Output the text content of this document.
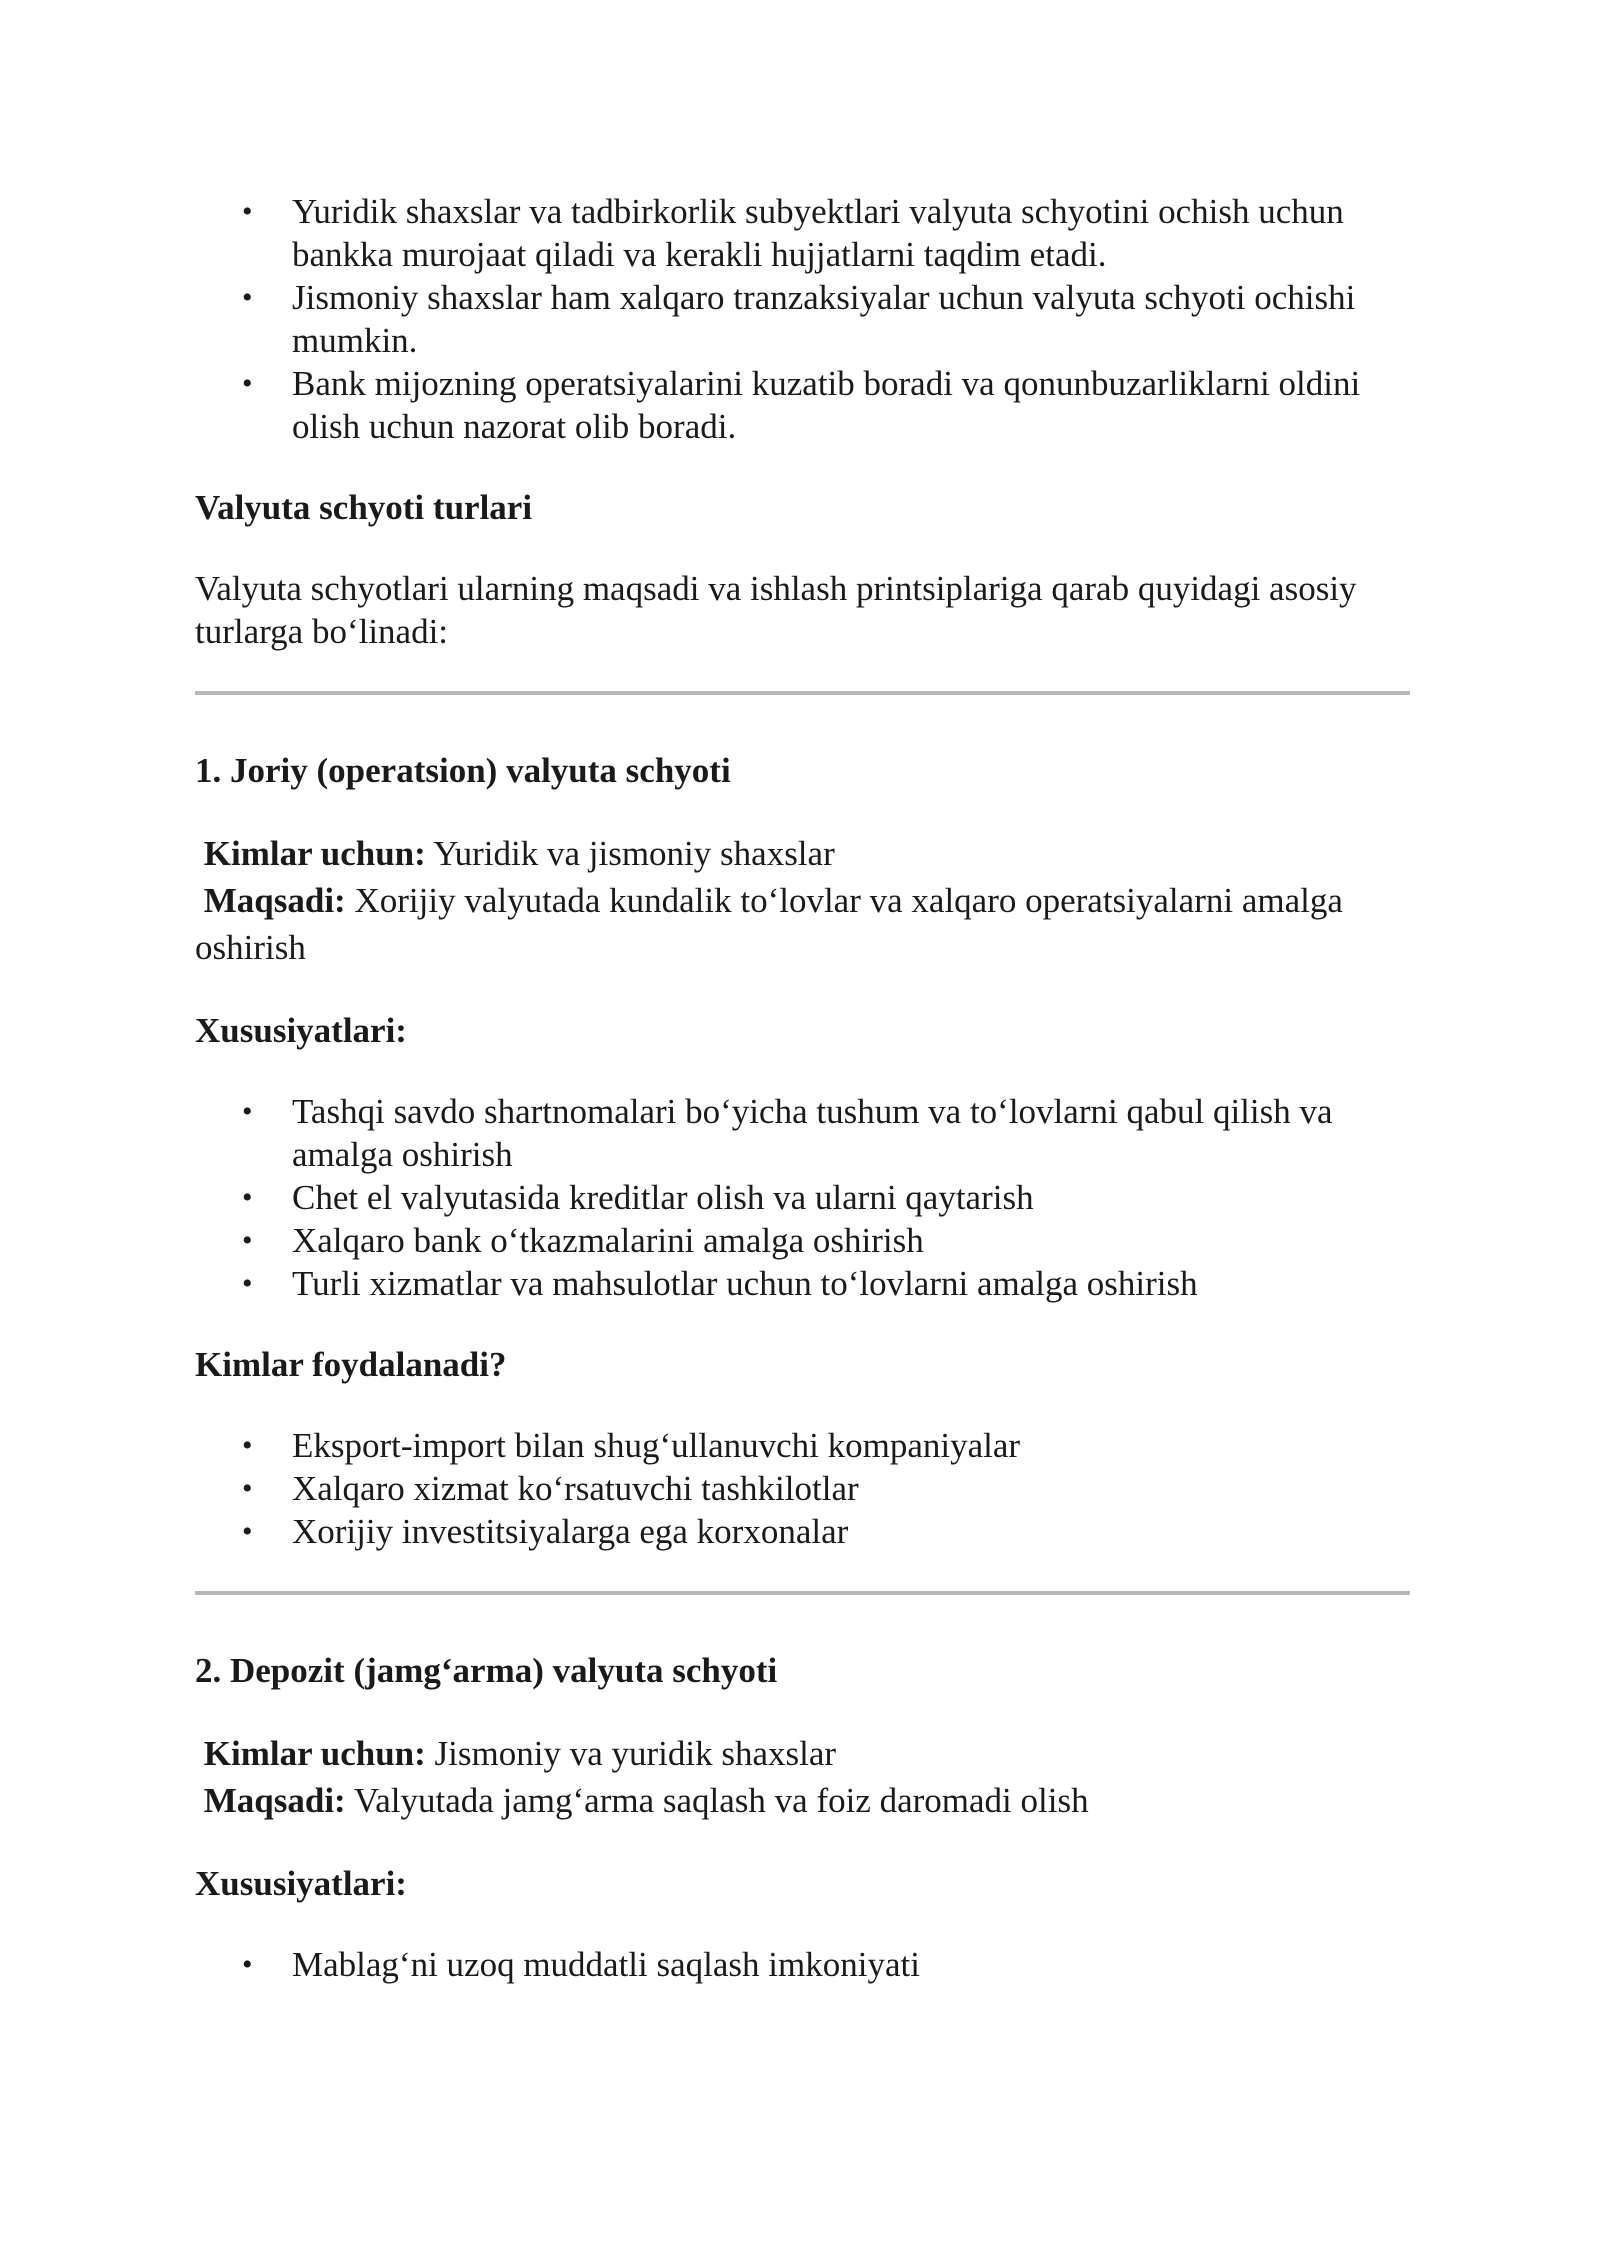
• Yuridik shaxslar va tadbirkorlik subyektlari valyuta schyotini ochish uchun bankka murojaat qiladi va kerakli hujjatlarni taqdim etadi.
• Jismoniy shaxslar ham xalqaro tranzaksiyalar uchun valyuta schyoti ochishi mumkin.
• Bank mijozning operatsiyalarini kuzatib boradi va qonunbuzarliklarni oldini olish uchun nazorat olib boradi.

Valyuta schyoti turlari

Valyuta schyotlari ularning maqsadi va ishlash printsiplariga qarab quyidagi asosiy turlarga bo‘linadi:

1. Joriy (operatsion) valyuta schyoti

Kimlar uchun: Yuridik va jismoniy shaxslar

Maqsadi: Xorijiy valyutada kundalik to‘lovlar va xalqaro operatsiyalarni amalga oshirish

Xususiyatlari:

• Tashqi savdo shartnomalari bo‘yicha tushum va to‘lovlarni qabul qilish va amalga oshirish
• Chet el valyutasida kreditlar olish va ularni qaytarish
• Xalqaro bank o‘tkazmalarini amalga oshirish
• Turli xizmatlar va mahsulotlar uchun to‘lovlarni amalga oshirish

Kimlar foydalanadi?

• Eksport-import bilan shug‘ullanuvchi kompaniyalar
• Xalqaro xizmat ko‘rsatuvchi tashkilotlar
• Xorijiy investitsiyalarga ega korxonalar

2. Depozit (jamg‘arma) valyuta schyoti

Kimlar uchun: Jismoniy va yuridik shaxslar

Maqsadi: Valyutada jamg‘arma saqlash va foiz daromadi olish

Xususiyatlari:

• Mablag‘ni uzoq muddatli saqlash imkoniyati
